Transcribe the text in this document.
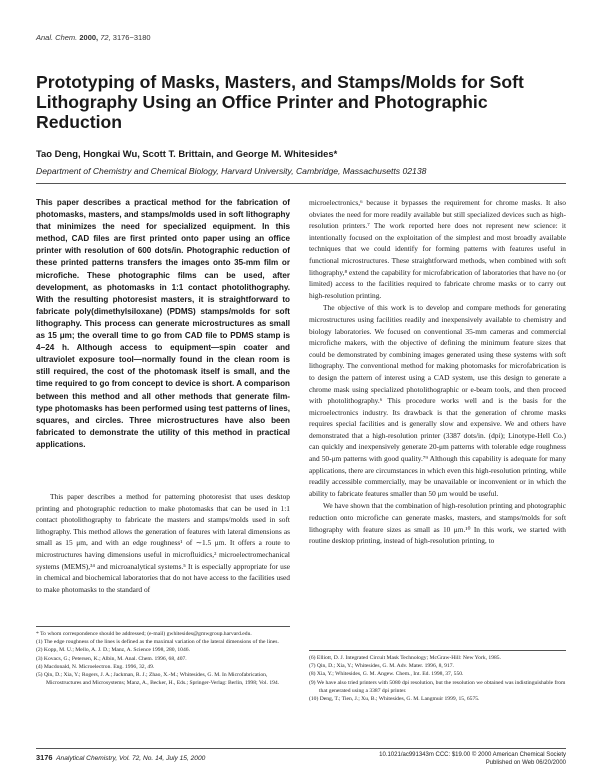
Anal. Chem. 2000, 72, 3176−3180
Prototyping of Masks, Masters, and Stamps/Molds for Soft Lithography Using an Office Printer and Photographic Reduction
Tao Deng, Hongkai Wu, Scott T. Brittain, and George M. Whitesides*
Department of Chemistry and Chemical Biology, Harvard University, Cambridge, Massachusetts 02138
This paper describes a practical method for the fabrication of photomasks, masters, and stamps/molds used in soft lithography that minimizes the need for specialized equipment. In this method, CAD files are first printed onto paper using an office printer with resolution of 600 dots/in. Photographic reduction of these printed patterns transfers the images onto 35-mm film or microfiche. These photographic films can be used, after development, as photomasks in 1:1 contact photolithography. With the resulting photoresist masters, it is straightforward to fabricate poly(dimethylsiloxane) (PDMS) stamps/molds for soft lithography. This process can generate microstructures as small as 15 μm; the overall time to go from CAD file to PDMS stamp is 4−24 h. Although access to equipment—spin coater and ultraviolet exposure tool—normally found in the clean room is still required, the cost of the photomask itself is small, and the time required to go from concept to device is short. A comparison between this method and all other methods that generate film-type photomasks has been performed using test patterns of lines, squares, and circles. Three microstructures have also been fabricated to demonstrate the utility of this method in practical applications.

This paper describes a method for patterning photoresist that uses desktop printing and photographic reduction to make photomasks that can be used in 1:1 contact photolithography to fabricate the masters and stamps/molds used in soft lithography. This method allows the generation of features with lateral dimensions as small as 15 μm, and with an edge roughness¹ of ∼1.5 μm. It offers a route to microstructures having dimensions useful in microfluidics,² microelectromechanical systems (MEMS),³⁴ and microanalytical systems.⁵ It is especially appropriate for use in chemical and biochemical laboratories that do not have access to the facilities used to make photomasks to the standard of

microelectronics,⁶ because it bypasses the requirement for chrome masks. It also obviates the need for more readily available but still specialized devices such as high-resolution printers.⁷ The work reported here does not represent new science: it intentionally focused on the exploitation of the simplest and most broadly available techniques that we could identify for forming patterns with features useful in functional microstructures. These straightforward methods, when combined with soft lithography,⁸ extend the capability for microfabrication of laboratories that have no (or limited) access to the facilities required to fabricate chrome masks or to carry out high-resolution printing.

The objective of this work is to develop and compare methods for generating microstructures using facilities readily and inexpensively available to chemistry and biology laboratories. We focused on conventional 35-mm cameras and commercial microfiche makers, with the objective of defining the minimum feature sizes that could be demonstrated by combining images generated using these systems with soft lithography. The conventional method for making photomasks for microfabrication is to design the pattern of interest using a CAD system, use this design to generate a chrome mask using specialized photolithographic or e-beam tools, and then proceed with photolithography.⁶ This procedure works well and is the basis for the microelectronics industry. Its drawback is that the generation of chrome masks requires special facilities and is generally slow and expensive. We and others have demonstrated that a high-resolution printer (3387 dots/in. (dpi); Linotype-Hell Co.) can quickly and inexpensively generate 20-μm patterns with tolerable edge roughness and 50-μm patterns with good quality.⁷⁹ Although this capability is adequate for many applications, there are circumstances in which even this high-resolution printing, while readily accessible commercially, may be unavailable or inconvenient or in which the ability to fabricate features smaller than 50 μm would be useful.

We have shown that the combination of high-resolution printing and photographic reduction onto microfiche can generate masks, masters, and stamps/molds for soft lithography with feature sizes as small as 10 μm.¹⁰ In this work, we started with routine desktop printing, instead of high-resolution printing, to

* To whom correspondence should be addressed; (e-mail) gwhitesides@gmwgroup.harvard.edu.
(1) The edge roughness of the lines is defined as the maximal variation of the lateral dimensions of the lines.
(2) Kopp, M. U.; Mello, A. J. D.; Manz, A. Science 1998, 280, 1046.
(3) Kovacs, G.; Petersen, K.; Albin, M. Anal. Chem. 1996, 68, 407.
(4) Macdonald, N. Microelectron. Eng. 1996, 32, 49.
(5) Qin, D.; Xia, Y.; Rogers, J. A.; Jackman, R. J.; Zhao, X.-M.; Whitesides, G. M. In Microfabrication, Microstructures and Microsystems; Manz, A., Becker, H., Eds.; Springer-Verlag: Berlin, 1998; Vol. 194.
(6) Elliott, D. J. Integrated Circuit Mask Technology; McGraw-Hill: New York, 1985.
(7) Qin, D.; Xia, Y.; Whitesides, G. M. Adv. Mater. 1996, 8, 917.
(8) Xia, Y.; Whitesides, G. M. Angew. Chem., Int. Ed. 1998, 37, 550.
(9) We have also tried printers with 5080 dpi resolution, but the resolution we obtained was indistinguishable from that generated using a 3387 dpi printer.
(10) Deng, T.; Tien, J.; Xu, B.; Whitesides, G. M. Langmuir 1999, 15, 6575.
3176 Analytical Chemistry, Vol. 72, No. 14, July 15, 2000	10.1021/ac991343m CCC: $19.00 © 2000 American Chemical Society
Published on Web 06/20/2000
